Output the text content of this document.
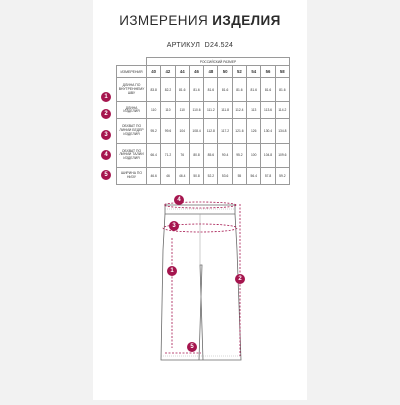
ИЗМЕРЕНИЯ ИЗДЕЛИЯ
АРТИКУЛ D24.524
	РОССИЙСКИЙ РАЗМЕР									
ИЗМЕРЕНИЯ	40	42	44	46	48	50	52	54	56	58
ДЛИНА ПО ВНУТРЕННЕМУ ШВУ	83.8	82.2	81.6	81.6	81.6	81.6	81.6	81.6	81.6	81.6
ДЛИНА ИЗДЕЛИЯ	110	110	110	110.6	111.2	111.8	112.4	113	113.6	114.2
ОБХВАТ ПО ЛИНИИ БЕДЕР ИЗДЕЛИЯ	95.2	99.6	104	108.4	112.8	117.2	121.6	126	130.4	134.8
ОБХВАТ ПО ЛИНИИ ТАЛИИ ИЗДЕЛИЯ	66.4	71.2	76	80.8	85.6	90.4	95.2	100	104.8	109.6
ШИРИНА ПО НИЗУ	46.6	46	46.4	50.8	52.2	53.6	55	56.4	57.8	59.2
1
2
3
4
5
4
3
1
2
5
